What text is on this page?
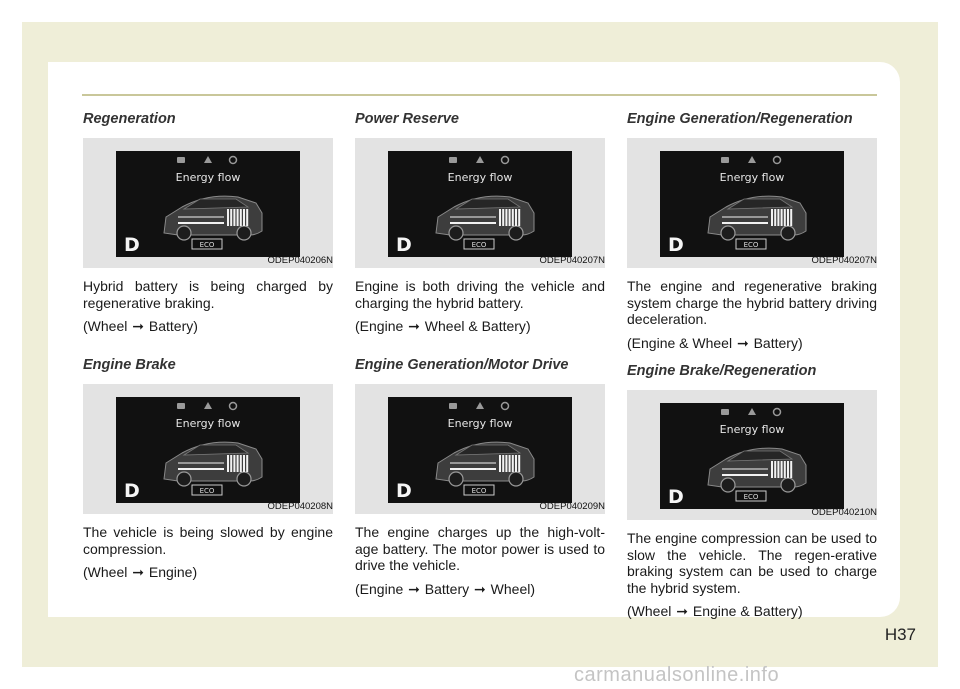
Regeneration
Energy flow
D	ECO
ODEP040206N
Hybrid battery is being charged by regenerative braking.
(Wheel ➞ Battery)
Engine Brake
Energy flow
D	ECO
ODEP040208N
The vehicle is being slowed by engine compression.
(Wheel ➞ Engine)
Power Reserve
Energy flow
D	ECO
ODEP040207N
Engine is both driving the vehicle and charging the hybrid battery.
(Engine ➞ Wheel & Battery)
Engine Generation/Motor Drive
Energy flow
D	ECO
ODEP040209N
The engine charges up the high-volt-age battery. The motor power is used to drive the vehicle.
(Engine ➞ Battery ➞ Wheel)
Engine Generation/Regeneration
Energy flow
D	ECO
ODEP040207N
The engine and regenerative braking system charge the hybrid battery driving deceleration.
(Engine & Wheel ➞ Battery)
Engine Brake/Regeneration
Energy flow
D	ECO
ODEP040210N
The engine compression can be used to slow the vehicle. The regen-erative braking system can be used to charge the hybrid system.
(Wheel ➞ Engine & Battery)
H37
carmanualsonline.info
